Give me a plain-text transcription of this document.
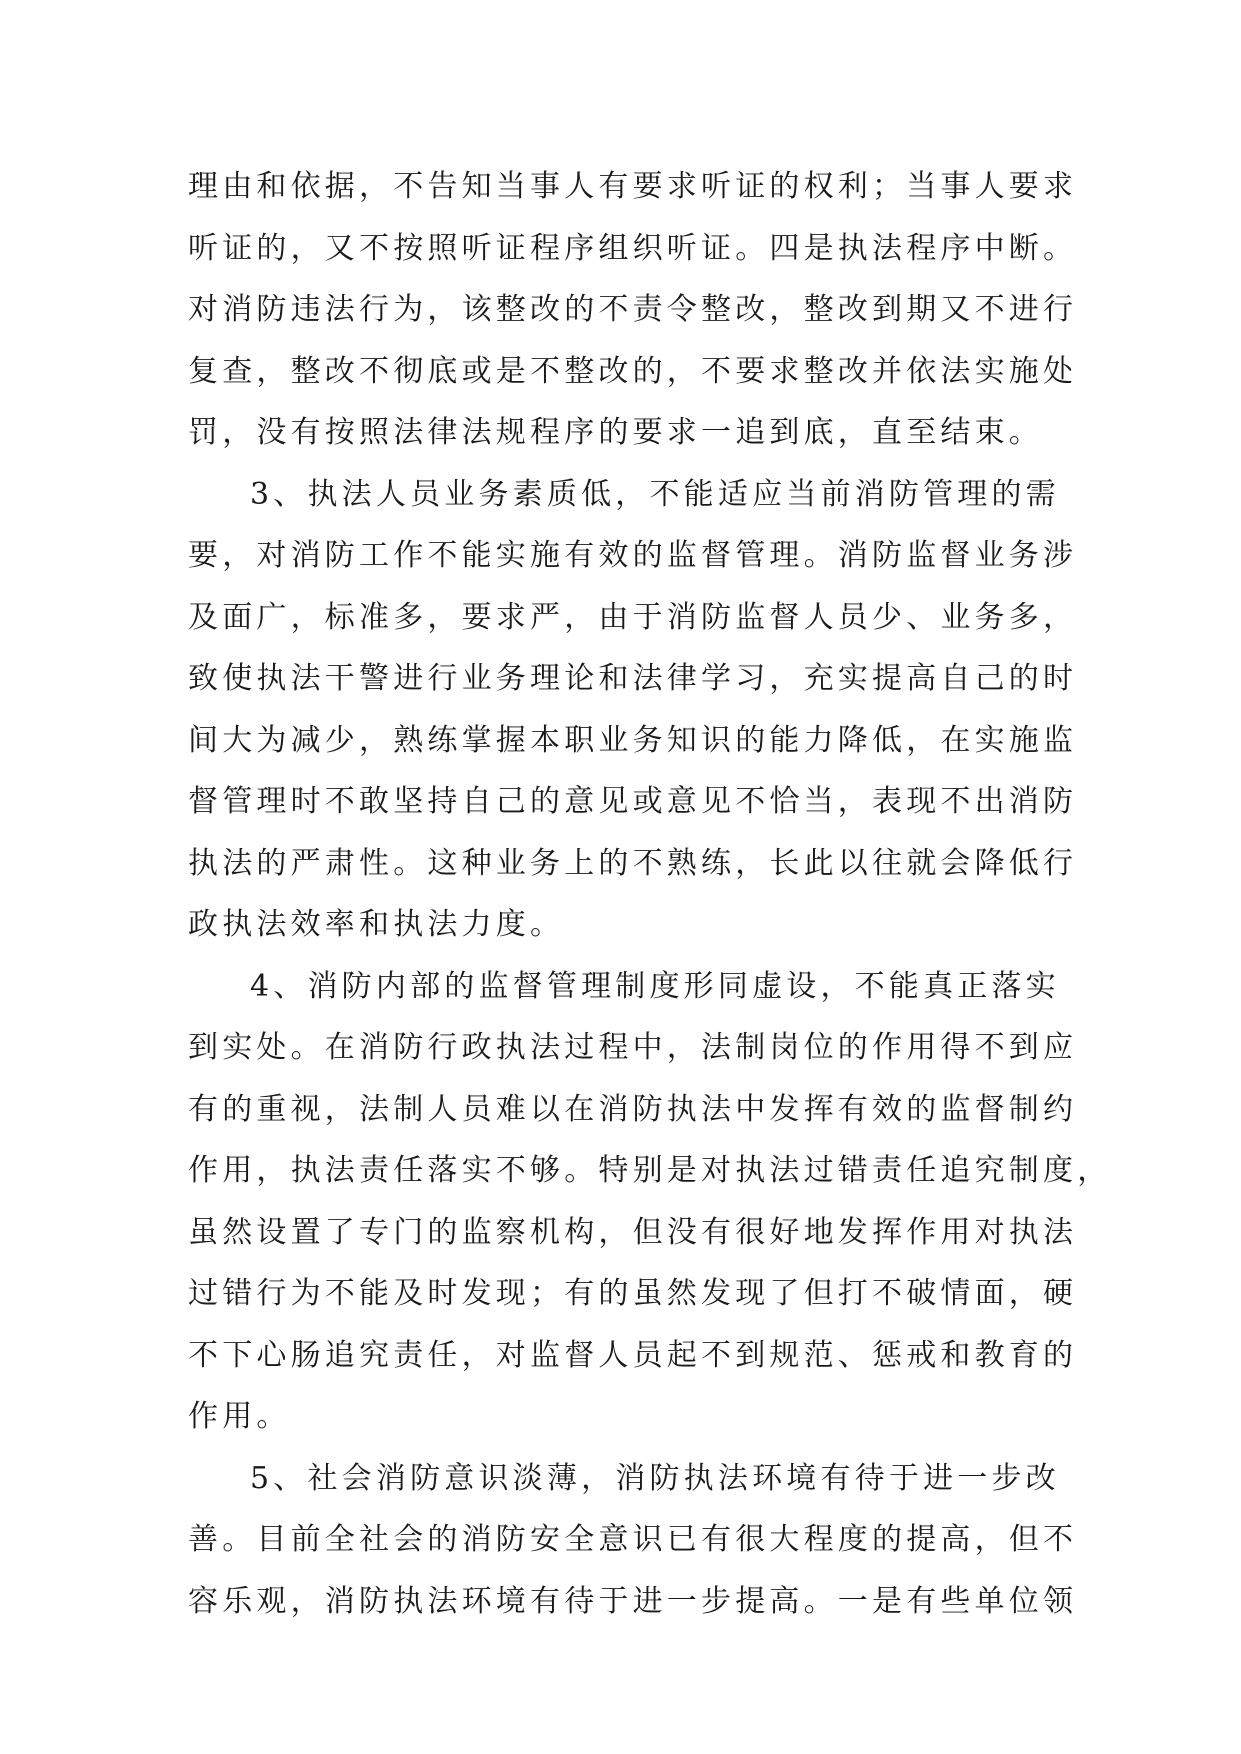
理由和依据，不告知当事人有要求听证的权利；当事人要求
听证的，又不按照听证程序组织听证。四是执法程序中断。
对消防违法行为，该整改的不责令整改，整改到期又不进行
复查，整改不彻底或是不整改的，不要求整改并依法实施处
罚，没有按照法律法规程序的要求一追到底，直至结束。
3、执法人员业务素质低，不能适应当前消防管理的需
要，对消防工作不能实施有效的监督管理。消防监督业务涉
及面广，标准多，要求严，由于消防监督人员少、业务多，
致使执法干警进行业务理论和法律学习，充实提高自己的时
间大为减少，熟练掌握本职业务知识的能力降低，在实施监
督管理时不敢坚持自己的意见或意见不恰当，表现不出消防
执法的严肃性。这种业务上的不熟练，长此以往就会降低行
政执法效率和执法力度。
4、消防内部的监督管理制度形同虚设，不能真正落实
到实处。在消防行政执法过程中，法制岗位的作用得不到应
有的重视，法制人员难以在消防执法中发挥有效的监督制约
作用，执法责任落实不够。特别是对执法过错责任追究制度，
虽然设置了专门的监察机构，但没有很好地发挥作用对执法
过错行为不能及时发现；有的虽然发现了但打不破情面，硬
不下心肠追究责任，对监督人员起不到规范、惩戒和教育的
作用。
5、社会消防意识淡薄，消防执法环境有待于进一步改
善。目前全社会的消防安全意识已有很大程度的提高，但不
容乐观，消防执法环境有待于进一步提高。一是有些单位领
